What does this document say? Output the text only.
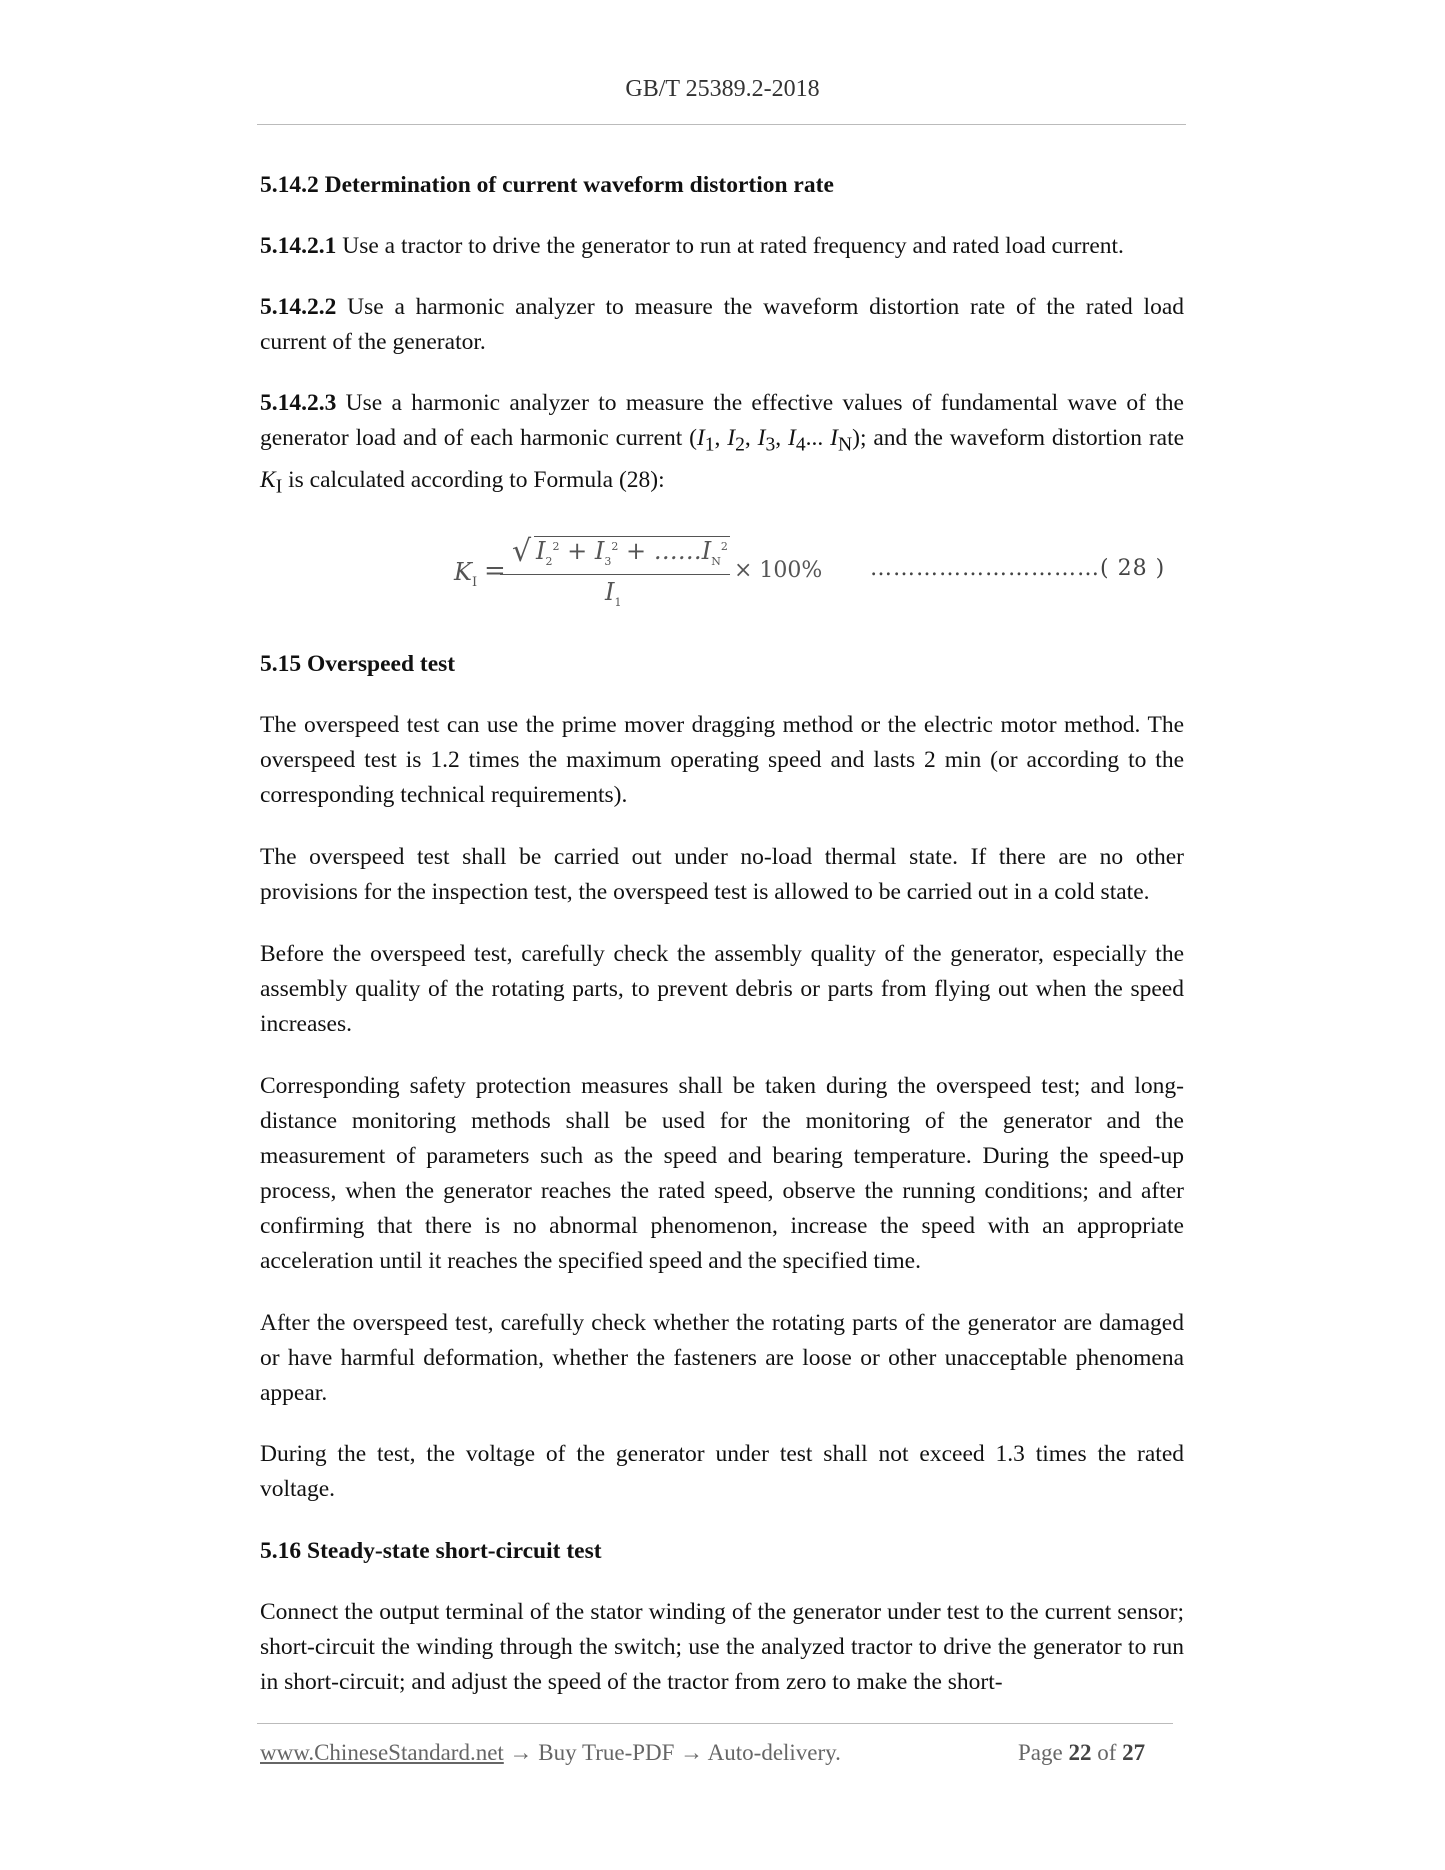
GB/T 25389.2-2018
5.14.2 Determination of current waveform distortion rate
5.14.2.1 Use a tractor to drive the generator to run at rated frequency and rated load current.
5.14.2.2 Use a harmonic analyzer to measure the waveform distortion rate of the rated load current of the generator.
5.14.2.3 Use a harmonic analyzer to measure the effective values of fundamental wave of the generator load and of each harmonic current ($I_1$, $I_2$, $I_3$, $I_4$... $I_N$); and the waveform distortion rate $K_I$ is calculated according to Formula (28):
$K_I$ =
√ $I_2^2 + I_3^2$ + $\dots\dots I_N^2$
$I_1$
× 100% …………………………( 28 )
5.15 Overspeed test
The overspeed test can use the prime mover dragging method or the electric motor method. The overspeed test is 1.2 times the maximum operating speed and lasts 2 min (or according to the corresponding technical requirements).
The overspeed test shall be carried out under no-load thermal state. If there are no other provisions for the inspection test, the overspeed test is allowed to be carried out in a cold state.
Before the overspeed test, carefully check the assembly quality of the generator, especially the assembly quality of the rotating parts, to prevent debris or parts from flying out when the speed increases.
Corresponding safety protection measures shall be taken during the overspeed test; and long-distance monitoring methods shall be used for the monitoring of the generator and the measurement of parameters such as the speed and bearing temperature. During the speed-up process, when the generator reaches the rated speed, observe the running conditions; and after confirming that there is no abnormal phenomenon, increase the speed with an appropriate acceleration until it reaches the specified speed and the specified time.
After the overspeed test, carefully check whether the rotating parts of the generator are damaged or have harmful deformation, whether the fasteners are loose or other unacceptable phenomena appear.
During the test, the voltage of the generator under test shall not exceed 1.3 times the rated voltage.
5.16 Steady-state short-circuit test
Connect the output terminal of the stator winding of the generator under test to the current sensor; short-circuit the winding through the switch; use the analyzed tractor to drive the generator to run in short-circuit; and adjust the speed of the tractor from zero to make the short-
www.ChineseStandard.net → Buy True-PDF → Auto-delivery.	Page 22 of 27
